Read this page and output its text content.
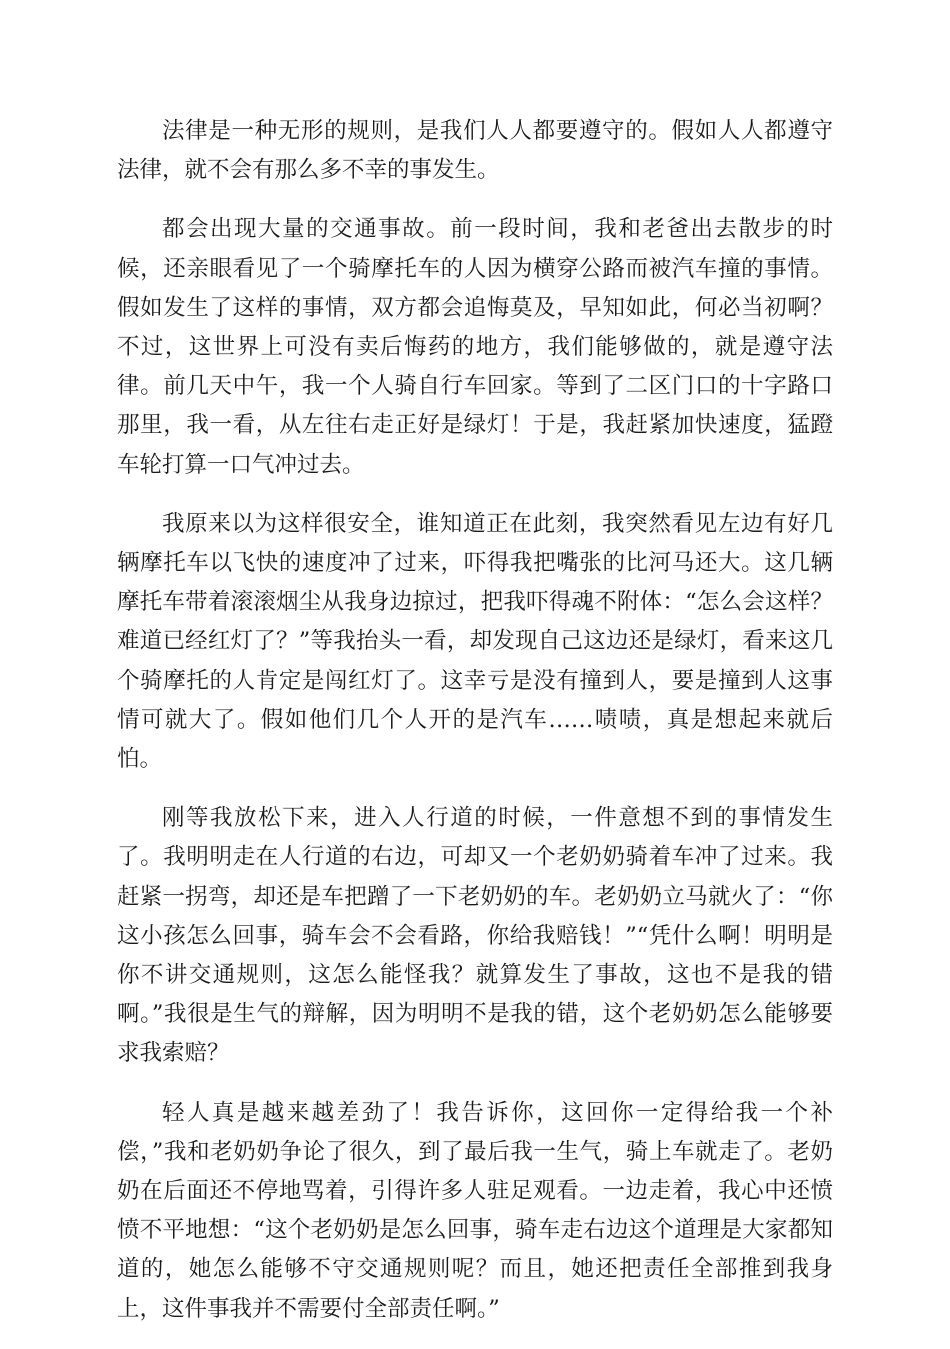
法律是一种无形的规则，是我们人人都要遵守的。假如人人都遵守法律，就不会有那么多不幸的事发生。

都会出现大量的交通事故。前一段时间，我和老爸出去散步的时候，还亲眼看见了一个骑摩托车的人因为横穿公路而被汽车撞的事情。假如发生了这样的事情，双方都会追悔莫及，早知如此，何必当初啊？不过，这世界上可没有卖后悔药的地方，我们能够做的，就是遵守法律。前几天中午，我一个人骑自行车回家。等到了二区门口的十字路口那里，我一看，从左往右走正好是绿灯！于是，我赶紧加快速度，猛蹬车轮打算一口气冲过去。

我原来以为这样很安全，谁知道正在此刻，我突然看见左边有好几辆摩托车以飞快的速度冲了过来，吓得我把嘴张的比河马还大。这几辆摩托车带着滚滚烟尘从我身边掠过，把我吓得魂不附体：“怎么会这样？难道已经红灯了？”等我抬头一看，却发现自己这边还是绿灯，看来这几个骑摩托的人肯定是闯红灯了。这幸亏是没有撞到人，要是撞到人这事情可就大了。假如他们几个人开的是汽车……啧啧，真是想起来就后怕。

刚等我放松下来，进入人行道的时候，一件意想不到的事情发生了。我明明走在人行道的右边，可却又一个老奶奶骑着车冲了过来。我赶紧一拐弯，却还是车把蹭了一下老奶奶的车。老奶奶立马就火了：“你这小孩怎么回事，骑车会不会看路，你给我赔钱！”“凭什么啊！明明是你不讲交通规则，这怎么能怪我？就算发生了事故，这也不是我的错啊。”我很是生气的辩解，因为明明不是我的错，这个老奶奶怎么能够要求我索赔？

轻人真是越来越差劲了！我告诉你，这回你一定得给我一个补偿，”我和老奶奶争论了很久，到了最后我一生气，骑上车就走了。老奶奶在后面还不停地骂着，引得许多人驻足观看。一边走着，我心中还愤愤不平地想：“这个老奶奶是怎么回事，骑车走右边这个道理是大家都知道的，她怎么能够不守交通规则呢？而且，她还把责任全部推到我身上，这件事我并不需要付全部责任啊。”
